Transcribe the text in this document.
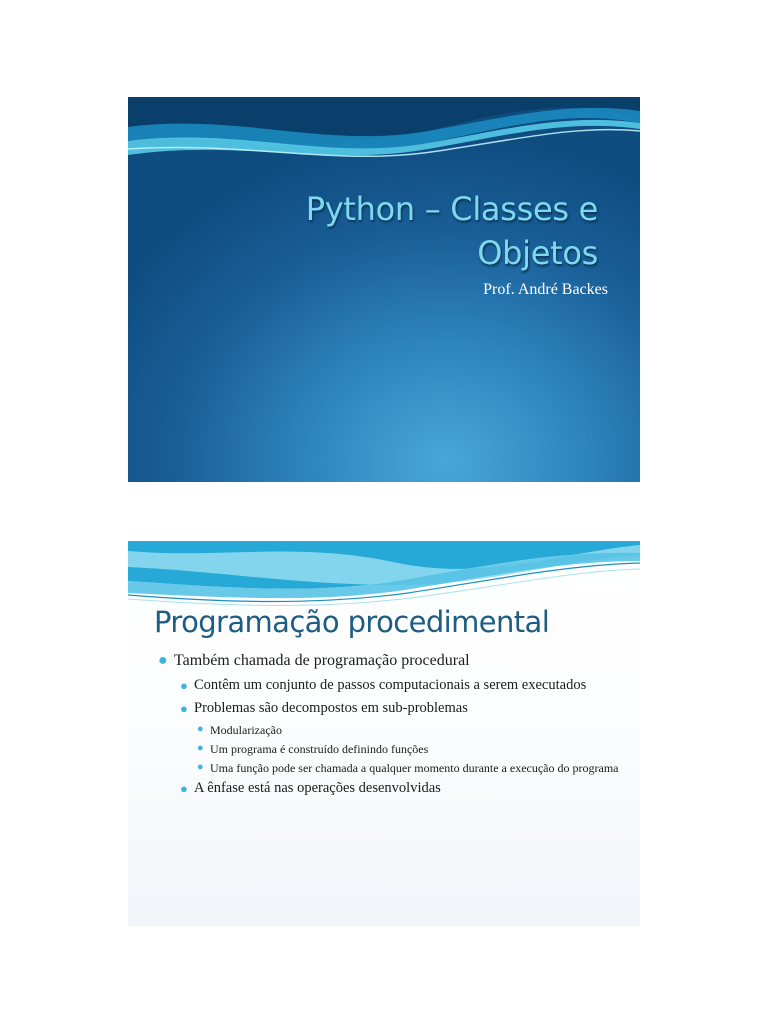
Python – Classes e
Objetos
Prof. André Backes
Programação procedimental
● Também chamada de programação procedural
● Contêm um conjunto de passos computacionais a serem executados
● Problemas são decompostos em sub-problemas
● Modularização
● Um programa é construído definindo funções
● Uma função pode ser chamada a qualquer momento durante a execução do programa
● A ênfase está nas operações desenvolvidas
